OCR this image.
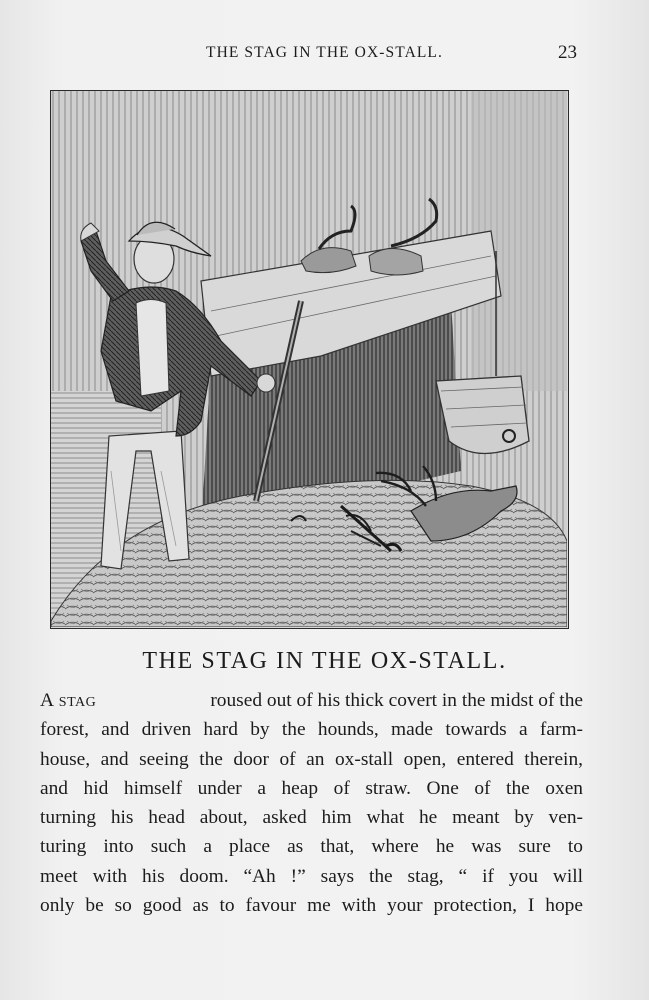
THE STAG IN THE OX-STALL.	23
THE STAG IN THE OX-STALL.
A stag	roused out of his thick covert in the midst of the
forest, and driven hard by the hounds, made towards a farm-
house, and seeing the door of an ox-stall open, entered therein,
and hid himself under a heap of straw. One of the oxen
turning his head about, asked him what he meant by ven-
turing into such a place as that, where he was sure to
meet with his doom. “Ah !” says the stag, “ if you will
only be so good as to favour me with your protection, I hope
